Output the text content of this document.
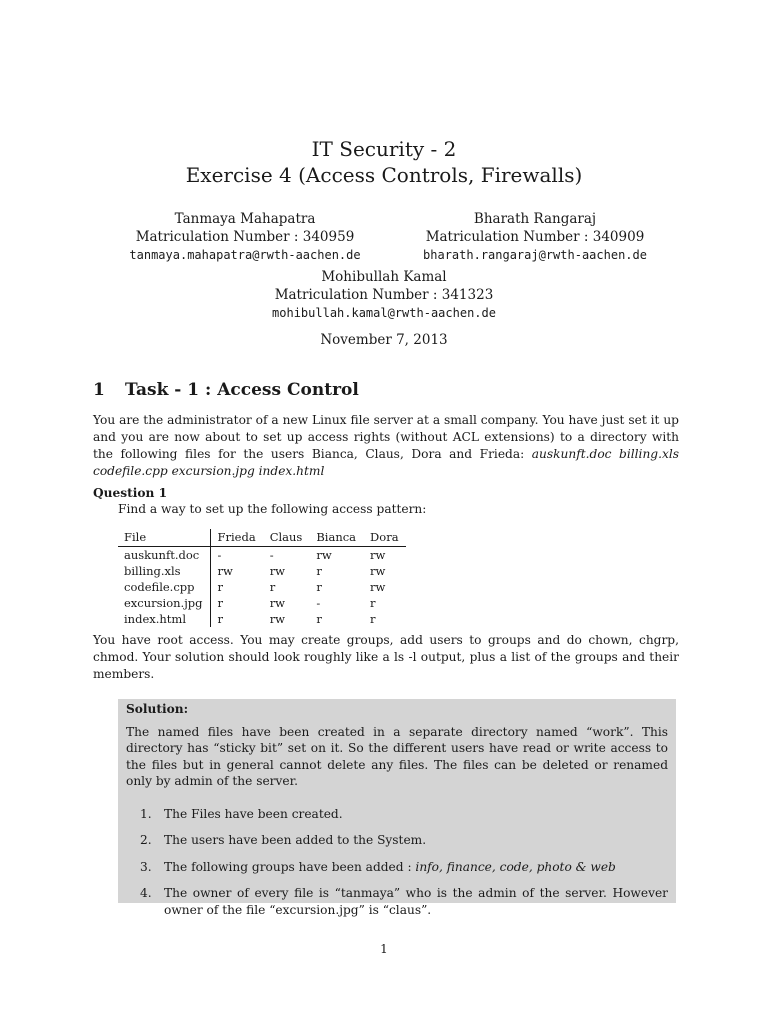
IT Security - 2
Exercise 4 (Access Controls, Firewalls)
Tanmaya Mahapatra
Matriculation Number : 340959
tanmaya.mahapatra@rwth-aachen.de
Bharath Rangaraj
Matriculation Number : 340909
bharath.rangaraj@rwth-aachen.de
Mohibullah Kamal
Matriculation Number : 341323
mohibullah.kamal@rwth-aachen.de
November 7, 2013
1 Task - 1 : Access Control
You are the administrator of a new Linux file server at a small company. You have just set it up and you are now about to set up access rights (without ACL extensions) to a directory with the following files for the users Bianca, Claus, Dora and Frieda: auskunft.doc billing.xls codefile.cpp excursion.jpg index.html
Question 1
Find a way to set up the following access pattern:
File	Frieda	Claus	Bianca	Dora
auskunft.doc	-	-	rw	rw
billing.xls	rw	rw	r	rw
codefile.cpp	r	r	r	rw
excursion.jpg	r	rw	-	r
index.html	r	rw	r	r
You have root access. You may create groups, add users to groups and do chown, chgrp, chmod. Your solution should look roughly like a ls -l output, plus a list of the groups and their members.
Solution:
The named files have been created in a separate directory named “work”. This directory has “sticky bit” set on it. So the different users have read or write access to the files but in general cannot delete any files. The files can be deleted or renamed only by admin of the server.
1. The Files have been created.
2. The users have been added to the System.
3. The following groups have been added : info, finance, code, photo & web
4. The owner of every file is “tanmaya” who is the admin of the server. However owner of the file “excursion.jpg” is “claus”.
1
